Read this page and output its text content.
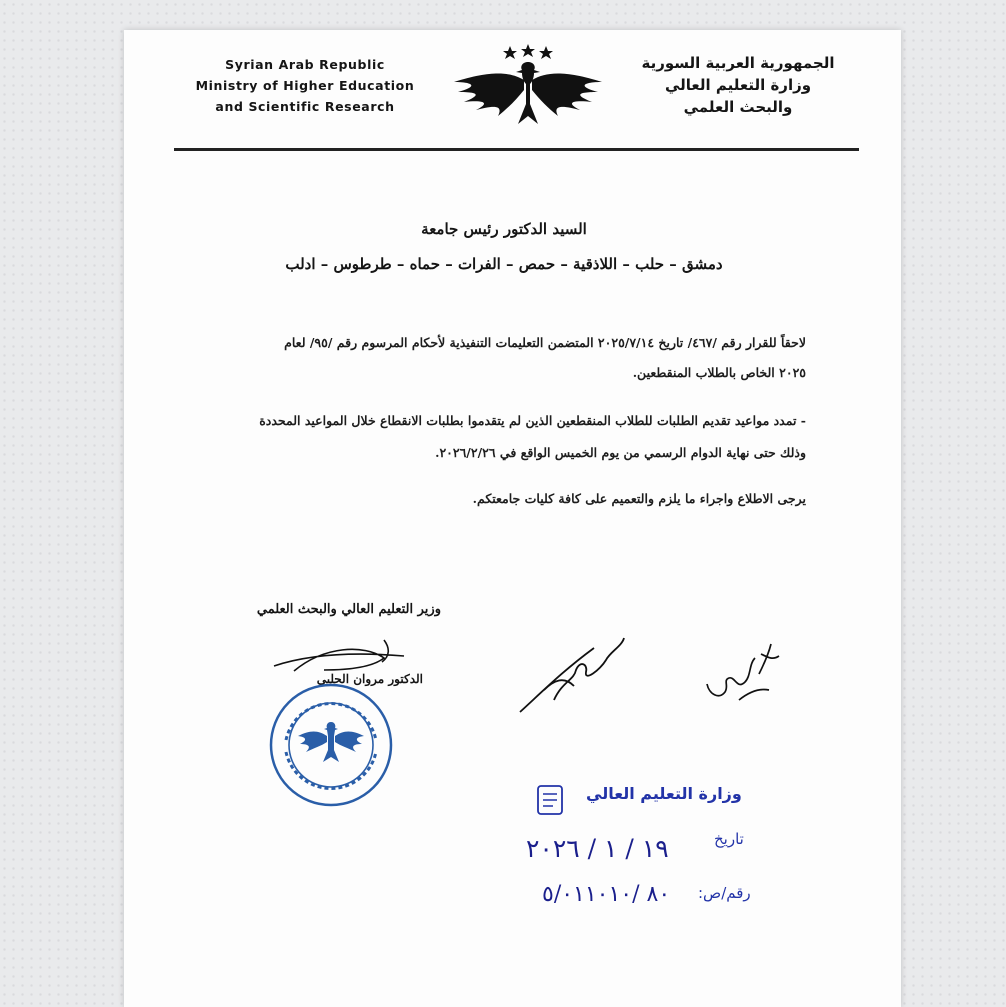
Syrian Arab Republic
Ministry of Higher Education
and Scientific Research
الجمهورية العربية السورية
وزارة التعليم العالي
والبحث العلمي
السيد الدكتور رئيس جامعة
دمشق – حلب – اللاذقية – حمص – الفرات – حماه – طرطوس – ادلب
لاحقاً للقرار رقم /٤٦٧/ تاريخ ٢٠٢٥/٧/١٤ المتضمن التعليمات التنفيذية لأحكام المرسوم رقم /٩٥/ لعام
٢٠٢٥ الخاص بالطلاب المنقطعين.
- تمدد مواعيد تقديم الطلبات للطلاب المنقطعين الذين لم يتقدموا بطلبات الانقطاع خلال المواعيد المحددة
وذلك حتى نهاية الدوام الرسمي من يوم الخميس الواقع في ٢٠٢٦/٢/٢٦.
يرجى الاطلاع واجراء ما يلزم والتعميم على كافة كليات جامعتكم.
وزير التعليم العالي والبحث العلمي
الدكتور مروان الحلبي
وزارة التعليم العالي
تاريخ
١٩ / ١ / ٢٠٢٦
رقم/ص:
٨٠ /٥/٠١١٠١٠
